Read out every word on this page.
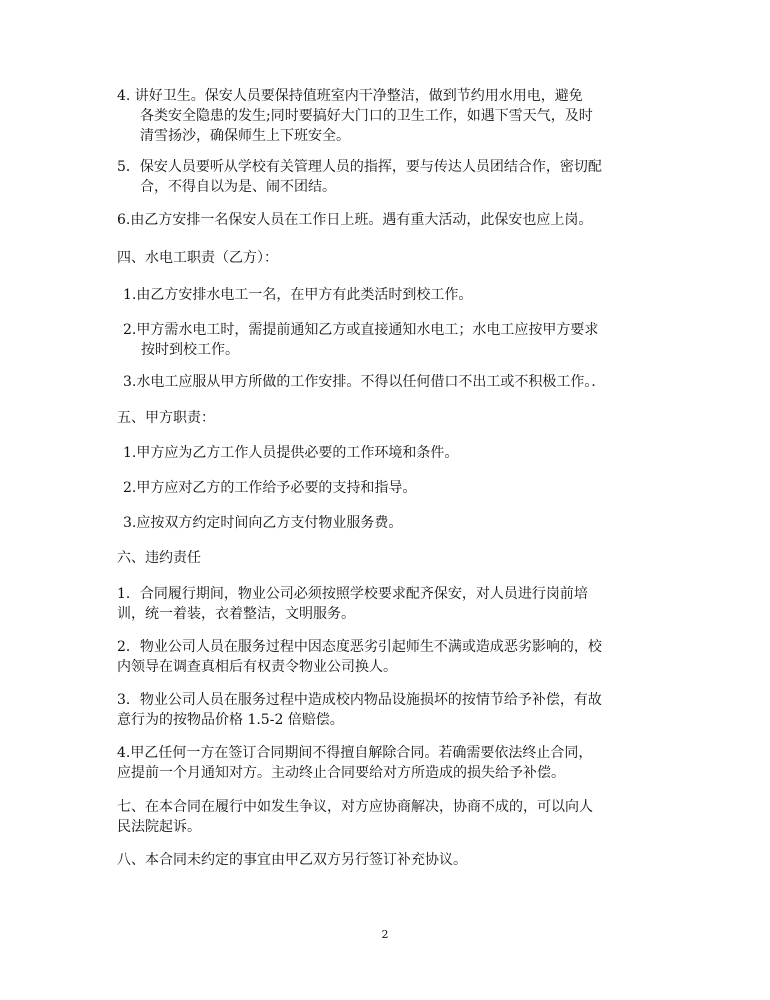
4. 讲好卫生。保安人员要保持值班室内干净整洁，做到节约用水用电，避免
各类安全隐患的发生;同时要搞好大门口的卫生工作，如遇下雪天气，及时
清雪扬沙，确保师生上下班安全。
5．保安人员要听从学校有关管理人员的指挥，要与传达人员团结合作，密切配
合，不得自以为是、闹不团结。
6.由乙方安排一名保安人员在工作日上班。遇有重大活动，此保安也应上岗。
四、水电工职责（乙方）：
1.由乙方安排水电工一名，在甲方有此类活时到校工作。
2.甲方需水电工时，需提前通知乙方或直接通知水电工；水电工应按甲方要求
按时到校工作。
3.水电工应服从甲方所做的工作安排。不得以任何借口不出工或不积极工作。．
五、甲方职责：
1.甲方应为乙方工作人员提供必要的工作环境和条件。
2.甲方应对乙方的工作给予必要的支持和指导。
3.应按双方约定时间向乙方支付物业服务费。
六、违约责任
1．合同履行期间，物业公司必须按照学校要求配齐保安，对人员进行岗前培
训，统一着装，衣着整洁，文明服务。
2．物业公司人员在服务过程中因态度恶劣引起师生不满或造成恶劣影响的，校
内领导在调查真相后有权责令物业公司换人。
3．物业公司人员在服务过程中造成校内物品设施损坏的按情节给予补偿，有故
意行为的按物品价格 1.5-2 倍赔偿。
4.甲乙任何一方在签订合同期间不得擅自解除合同。若确需要依法终止合同，
应提前一个月通知对方。主动终止合同要给对方所造成的损失给予补偿。
七、在本合同在履行中如发生争议，对方应协商解决，协商不成的，可以向人
民法院起诉。
八、本合同未约定的事宜由甲乙双方另行签订补充协议。
2
